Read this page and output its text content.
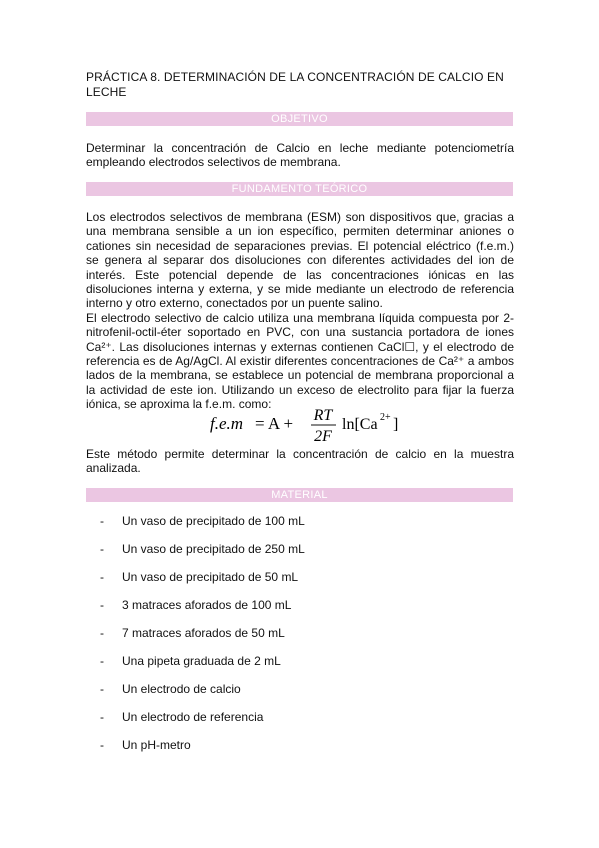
PRÁCTICA 8. DETERMINACIÓN DE LA CONCENTRACIÓN DE CALCIO EN LECHE
OBJETIVO

Determinar la concentración de Calcio en leche mediante potenciometría empleando electrodos selectivos de membrana.

FUNDAMENTO TEÓRICO

Los electrodos selectivos de membrana (ESM) son dispositivos que, gracias a una membrana sensible a un ion específico, permiten determinar aniones o cationes sin necesidad de separaciones previas. El potencial eléctrico (f.e.m.) se genera al separar dos disoluciones con diferentes actividades del ion de interés. Este potencial depende de las concentraciones iónicas en las disoluciones interna y externa, y se mide mediante un electrodo de referencia interno y otro externo, conectados por un puente salino.

El electrodo selectivo de calcio utiliza una membrana líquida compuesta por 2-nitrofenil-octil-éter soportado en PVC, con una sustancia portadora de iones Ca²⁺. Las disoluciones internas y externas contienen CaCl☐, y el electrodo de referencia es de Ag/AgCl. Al existir diferentes concentraciones de Ca²⁺ a ambos lados de la membrana, se establece un potencial de membrana proporcional a la actividad de este ion. Utilizando un exceso de electrolito para fijar la fuerza iónica, se aproxima la f.e.m. como:

f.e.m = A + RT
2F
ln[Ca 2+ ]

Este método permite determinar la concentración de calcio en la muestra analizada.

MATERIAL
-	Un vaso de precipitado de 100 mL
-	Un vaso de precipitado de 250 mL
-	Un vaso de precipitado de 50 mL
-	3 matraces aforados de 100 mL
-	7 matraces aforados de 50 mL
-	Una pipeta graduada de 2 mL
-	Un electrodo de calcio
-	Un electrodo de referencia
-	Un pH-metro
